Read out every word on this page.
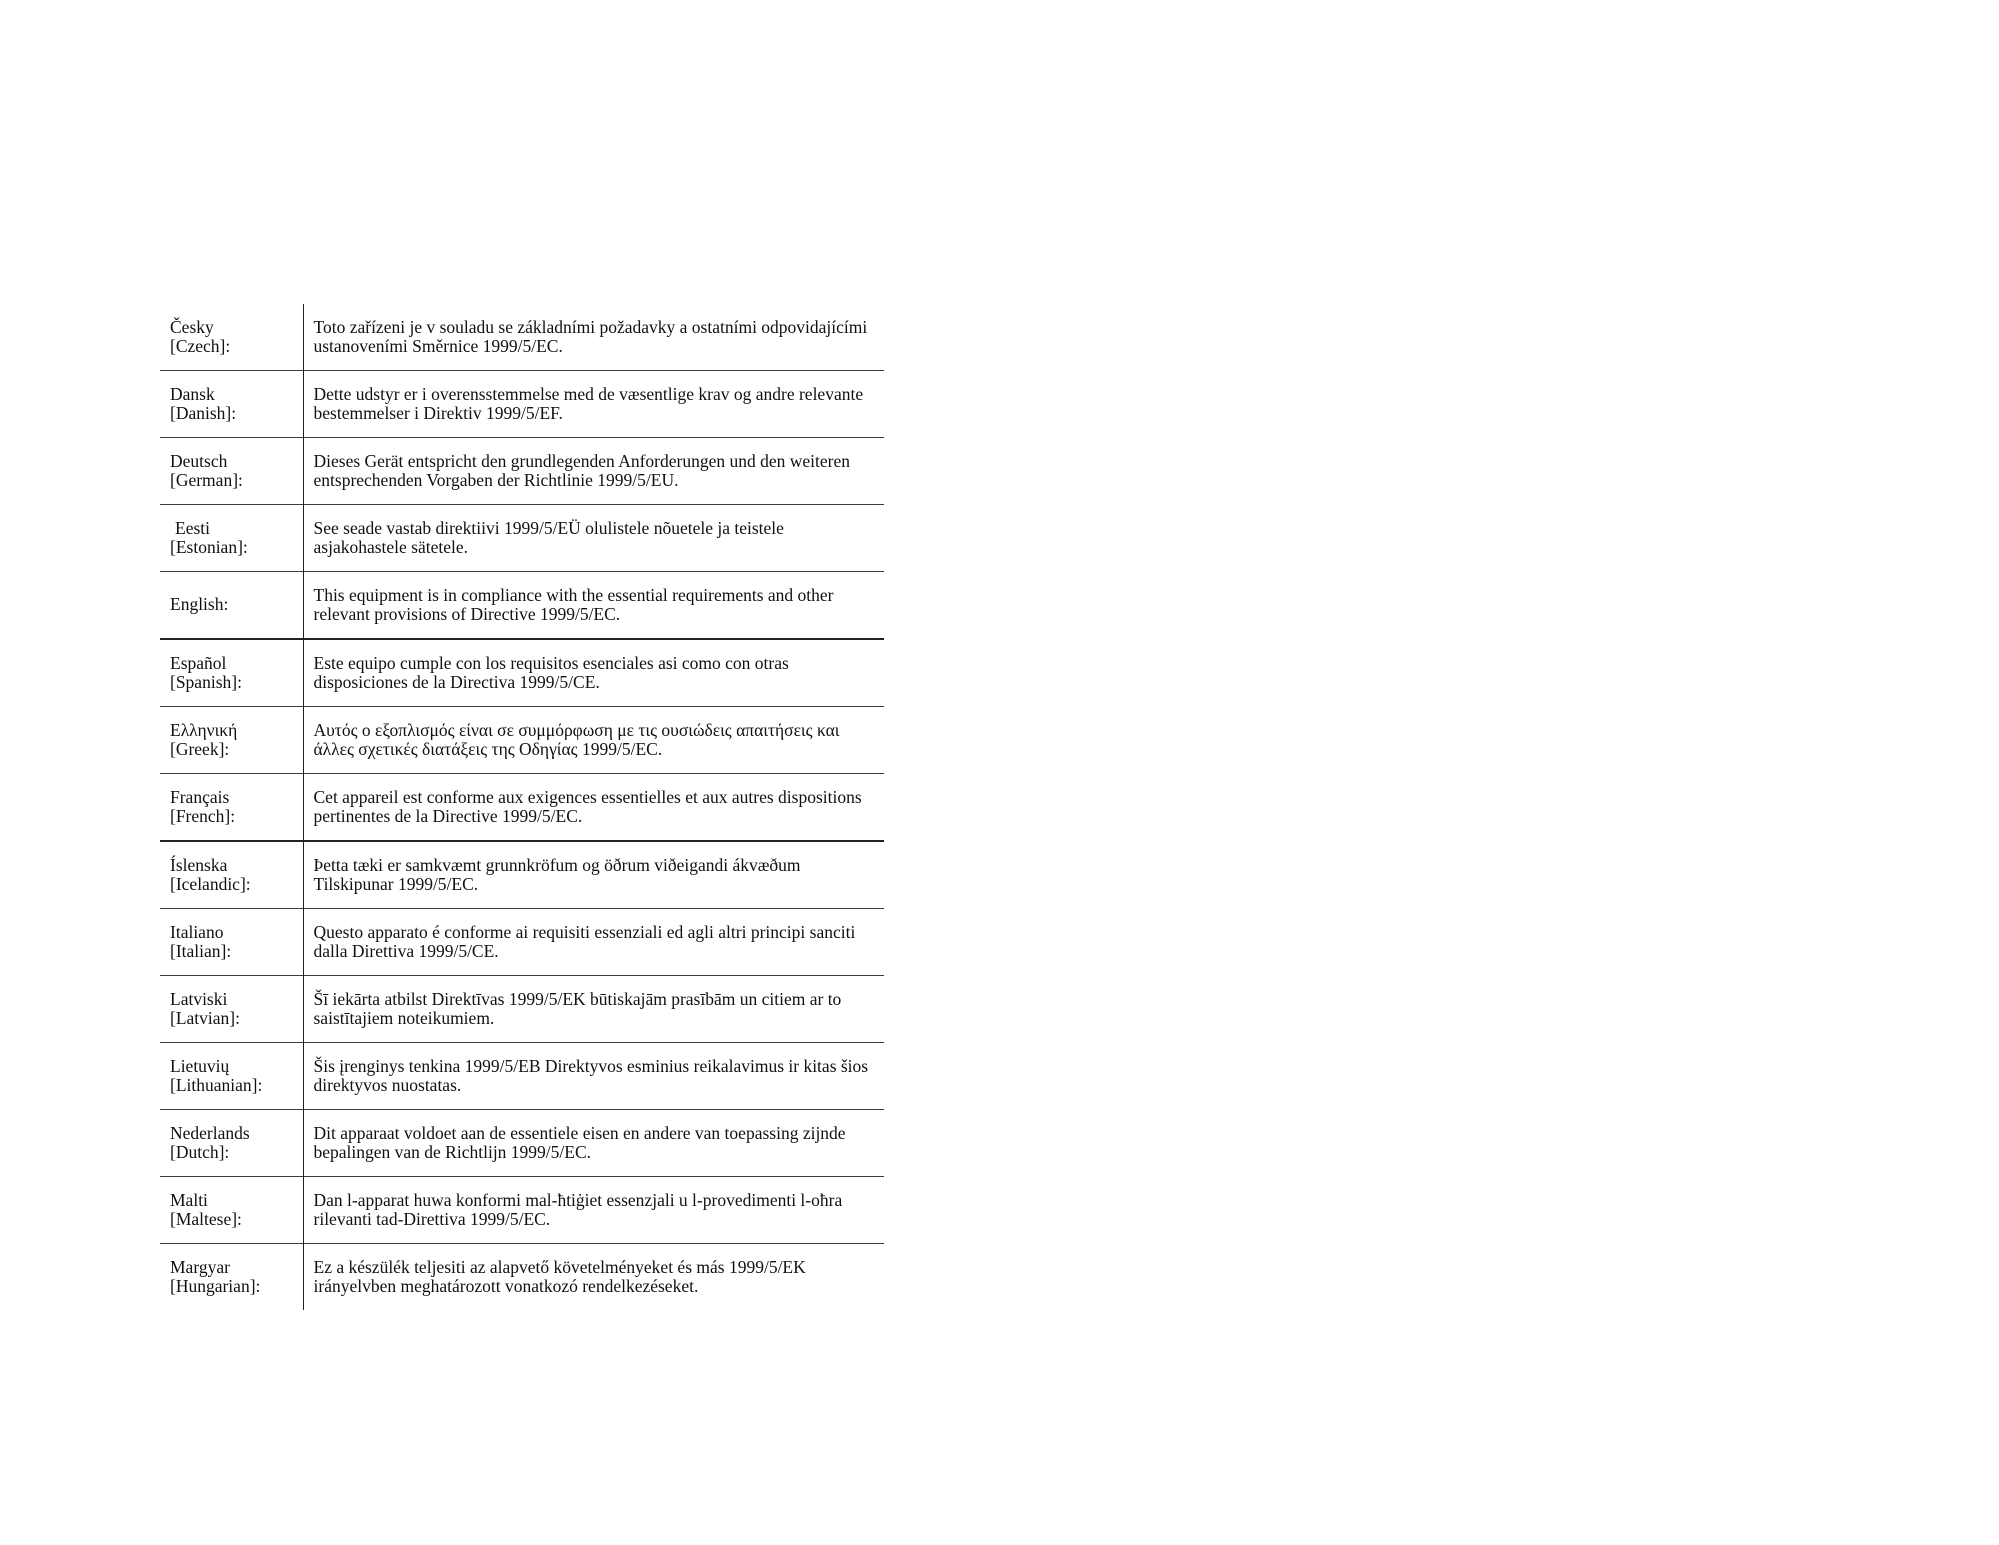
Česky
[Czech]:	Toto zařízeni je v souladu se základními požadavky a ostatními odpovidajícími ustanoveními Směrnice 1999/5/EC.

Dansk
[Danish]:	Dette udstyr er i overensstemmelse med de væsentlige krav og andre relevante bestemmelser i Direktiv 1999/5/EF.

Deutsch
[German]:	Dieses Gerät entspricht den grundlegenden Anforderungen und den weiteren entsprechenden Vorgaben der Richtlinie 1999/5/EU.

Eesti
[Estonian]:	See seade vastab direktiivi 1999/5/EÜ olulistele nõuetele ja teistele asjakohastele sätetele.

English:	This equipment is in compliance with the essential requirements and other relevant provisions of Directive 1999/5/EC.

Español
[Spanish]:	Este equipo cumple con los requisitos esenciales asi como con otras disposiciones de la Directiva 1999/5/CE.

Ελληνική
[Greek]:	Αυτός ο εξοπλισμός είναι σε συμμόρφωση με τις ουσιώδεις απαιτήσεις και άλλες σχετικές διατάξεις της Οδηγίας 1999/5/EC.

Français
[French]:	Cet appareil est conforme aux exigences essentielles et aux autres dispositions pertinentes de la Directive 1999/5/EC.

Íslenska
[Icelandic]:	Þetta tæki er samkvæmt grunnkröfum og öðrum viðeigandi ákvæðum Tilskipunar 1999/5/EC.

Italiano
[Italian]:	Questo apparato é conforme ai requisiti essenziali ed agli altri principi sanciti dalla Direttiva 1999/5/CE.

Latviski
[Latvian]:	Šī iekārta atbilst Direktīvas 1999/5/EK būtiskajām prasībām un citiem ar to saistītajiem noteikumiem.

Lietuvių
[Lithuanian]:	Šis įrenginys tenkina 1999/5/EB Direktyvos esminius reikalavimus ir kitas šios direktyvos nuostatas.

Nederlands
[Dutch]:	Dit apparaat voldoet aan de essentiele eisen en andere van toepassing zijnde bepalingen van de Richtlijn 1999/5/EC.

Malti
[Maltese]:	Dan l-apparat huwa konformi mal-ħtiġiet essenzjali u l-provedimenti l-oħra rilevanti tad-Direttiva 1999/5/EC.

Margyar
[Hungarian]:	Ez a készülék teljesiti az alapvető követelményeket és más 1999/5/EK irányelvben meghatározott vonatkozó rendelkezéseket.
